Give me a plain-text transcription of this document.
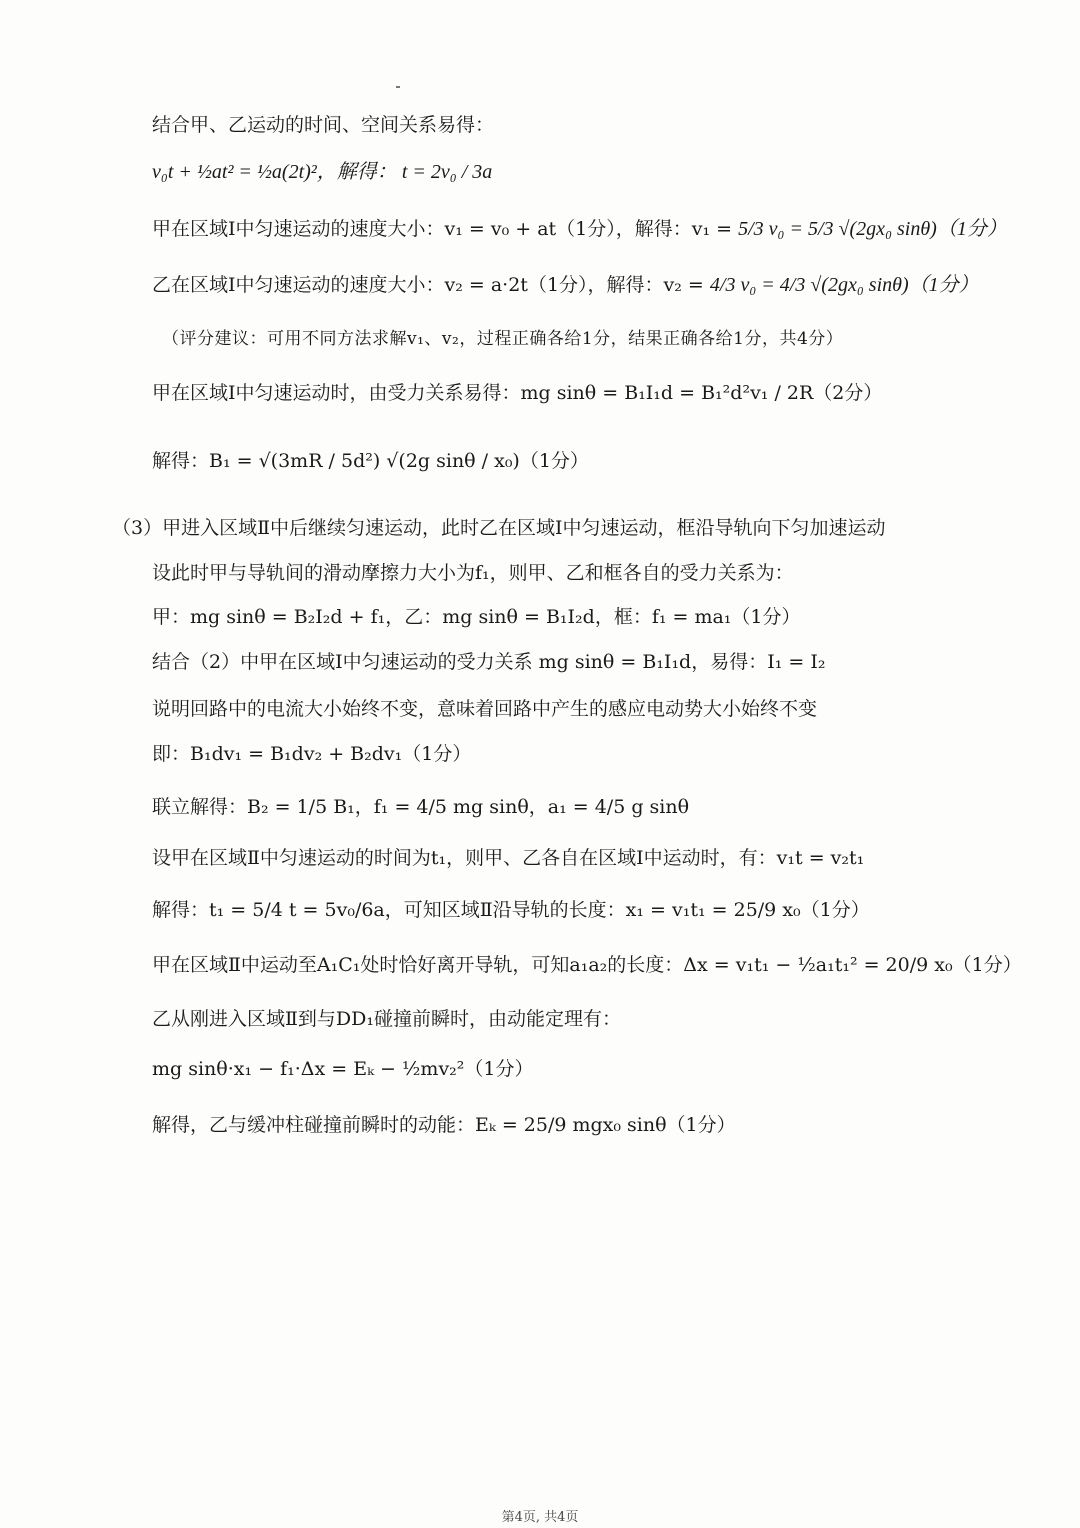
结合甲、乙运动的时间、空间关系易得：
v₀t + ½at² = ½a(2t)²，解得： t = 2v₀ / 3a
甲在区域Ⅰ中匀速运动的速度大小：v₁ = v₀ + at（1分），解得：v₁ = 5/3 v₀ = 5/3 √(2gx₀ sinθ)（1分）
乙在区域Ⅰ中匀速运动的速度大小：v₂ = a·2t（1分），解得：v₂ = 4/3 v₀ = 4/3 √(2gx₀ sinθ)（1分）
（评分建议：可用不同方法求解v₁、v₂，过程正确各给1分，结果正确各给1分，共4分）
甲在区域Ⅰ中匀速运动时，由受力关系易得：mg sinθ = B₁I₁d = B₁²d²v₁ / 2R（2分）
解得：B₁ = √(3mR / 5d²) √(2g sinθ / x₀)（1分）
（3）甲进入区域Ⅱ中后继续匀速运动，此时乙在区域Ⅰ中匀速运动，框沿导轨向下匀加速运动
设此时甲与导轨间的滑动摩擦力大小为f₁，则甲、乙和框各自的受力关系为：
甲：mg sinθ = B₂I₂d + f₁，乙：mg sinθ = B₁I₂d，框：f₁ = ma₁（1分）
结合（2）中甲在区域Ⅰ中匀速运动的受力关系 mg sinθ = B₁I₁d，易得：I₁ = I₂
说明回路中的电流大小始终不变，意味着回路中产生的感应电动势大小始终不变
即：B₁dv₁ = B₁dv₂ + B₂dv₁（1分）
联立解得：B₂ = 1/5 B₁，f₁ = 4/5 mg sinθ，a₁ = 4/5 g sinθ
设甲在区域Ⅱ中匀速运动的时间为t₁，则甲、乙各自在区域Ⅰ中运动时，有：v₁t = v₂t₁
解得：t₁ = 5/4 t = 5v₀/6a，可知区域Ⅱ沿导轨的长度：x₁ = v₁t₁ = 25/9 x₀（1分）
甲在区域Ⅱ中运动至A₁C₁处时恰好离开导轨，可知a₁a₂的长度：Δx = v₁t₁ − ½a₁t₁² = 20/9 x₀（1分）
乙从刚进入区域Ⅱ到与DD₁碰撞前瞬时，由动能定理有：
mg sinθ·x₁ − f₁·Δx = Eₖ − ½mv₂²（1分）
解得，乙与缓冲柱碰撞前瞬时的动能：Eₖ = 25/9 mgx₀ sinθ（1分）
第4页, 共4页
